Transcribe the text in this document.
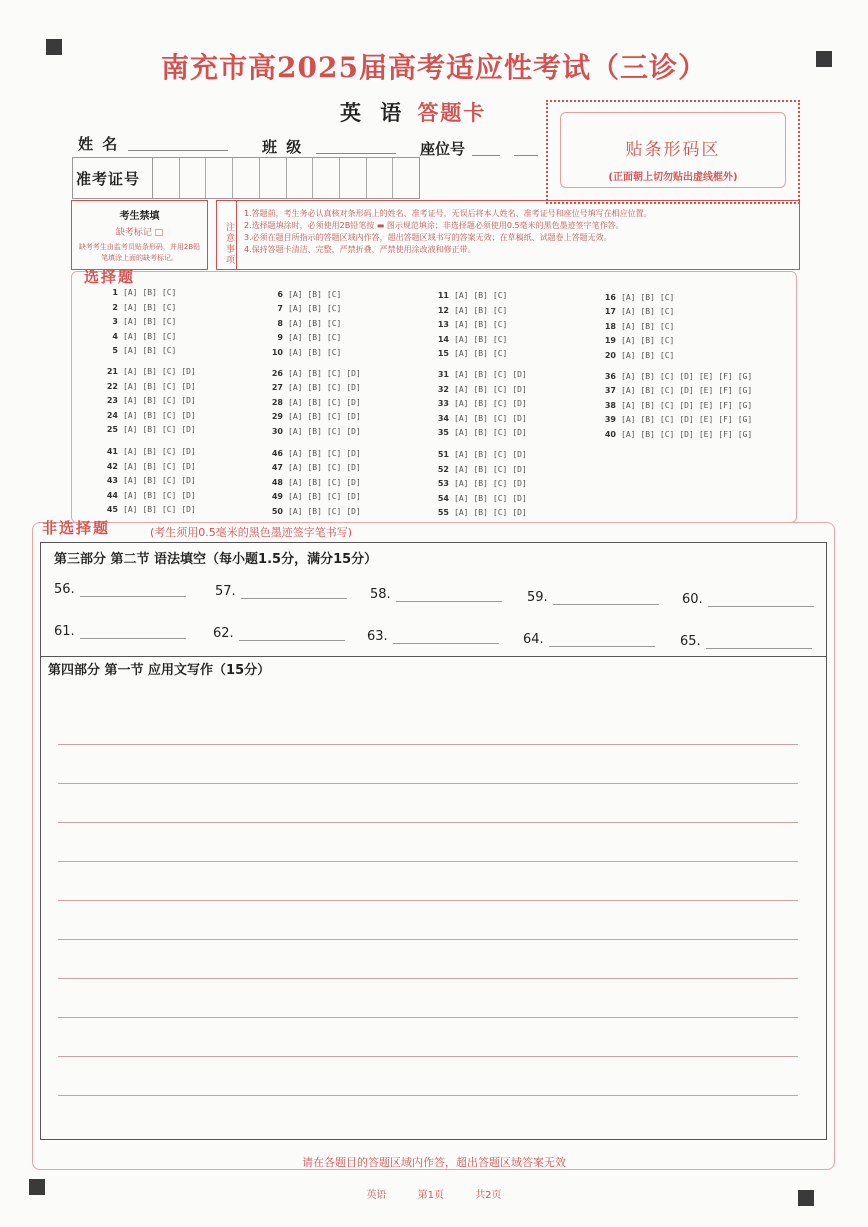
南充市高2025届高考适应性考试（三诊）
英 语 答题卡
姓 名	班 级	座位号	贴条形码区
(正面朝上切勿贴出虚线框外)
准考证号
考生禁填
缺考标记 □
缺考考生由监考员贴条形码，并用2B铅笔填涂上面的缺考标记。	注意事项
1.答题前，考生务必认真核对条形码上的姓名、准考证号，无误后将本人姓名、准考证号和座位号填写在相应位置。
2.选择题填涂时，必须使用2B铅笔按 ▬ 图示规范填涂；非选择题必须使用0.5毫米的黑色墨迹签字笔作答。
3.必须在题目所指示的答题区域内作答，超出答题区域书写的答案无效；在草稿纸、试题卷上答题无效。
4.保持答题卡清洁、完整，严禁折叠，严禁使用涂改液和修正带。
选择题
1 [A] [B] [C]
2 [A] [B] [C]
3 [A] [B] [C]
4 [A] [B] [C]
5 [A] [B] [C]
6 [A] [B] [C]
7 [A] [B] [C]
8 [A] [B] [C]
9 [A] [B] [C]
10 [A] [B] [C]
11 [A] [B] [C]
12 [A] [B] [C]
13 [A] [B] [C]
14 [A] [B] [C]
15 [A] [B] [C]
16 [A] [B] [C]
17 [A] [B] [C]
18 [A] [B] [C]
19 [A] [B] [C]
20 [A] [B] [C]
21 [A] [B] [C] [D]
22 [A] [B] [C] [D]
23 [A] [B] [C] [D]
24 [A] [B] [C] [D]
25 [A] [B] [C] [D]
26 [A] [B] [C] [D]
27 [A] [B] [C] [D]
28 [A] [B] [C] [D]
29 [A] [B] [C] [D]
30 [A] [B] [C] [D]
31 [A] [B] [C] [D]
32 [A] [B] [C] [D]
33 [A] [B] [C] [D]
34 [A] [B] [C] [D]
35 [A] [B] [C] [D]
36 [A] [B] [C] [D] [E] [F] [G]
37 [A] [B] [C] [D] [E] [F] [G]
38 [A] [B] [C] [D] [E] [F] [G]
39 [A] [B] [C] [D] [E] [F] [G]
40 [A] [B] [C] [D] [E] [F] [G]
41 [A] [B] [C] [D]
42 [A] [B] [C] [D]
43 [A] [B] [C] [D]
44 [A] [B] [C] [D]
45 [A] [B] [C] [D]
46 [A] [B] [C] [D]
47 [A] [B] [C] [D]
48 [A] [B] [C] [D]
49 [A] [B] [C] [D]
50 [A] [B] [C] [D]
51 [A] [B] [C] [D]
52 [A] [B] [C] [D]
53 [A] [B] [C] [D]
54 [A] [B] [C] [D]
55 [A] [B] [C] [D]
非选择题	(考生须用0.5毫米的黑色墨迹签字笔书写)
第三部分 第二节 语法填空（每小题1.5分，满分15分）
56.	57.	58.	59.	60.
61.	62.	63.	64.	65.
第四部分 第一节 应用文写作（15分）
请在各题目的答题区域内作答，超出答题区域答案无效
英语	第1页	共2页
